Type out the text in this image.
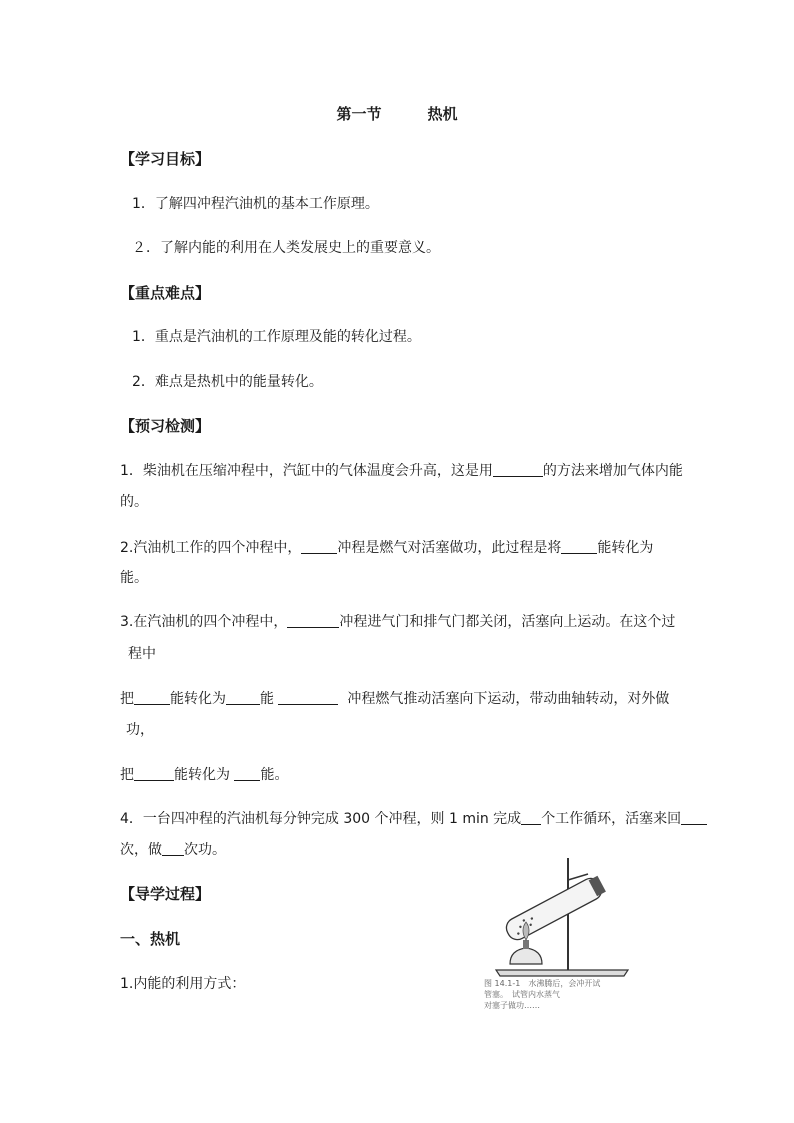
第一节	热机
【学习目标】
1．了解四冲程汽油机的基本工作原理。
２．了解内能的利用在人类发展史上的重要意义。
【重点难点】
1．重点是汽油机的工作原理及能的转化过程。
2．难点是热机中的能量转化。
【预习检测】
1．柴油机在压缩冲程中，汽缸中的气体温度会升高，这是用	的方法来增加气体内能
的。
2.汽油机工作的四个冲程中，	冲程是燃气对活塞做功，此过程是将	能转化为
能。
3.在汽油机的四个冲程中，	冲程进气门和排气门都关闭，活塞向上运动。在这个过
程中
把	能转化为 能	冲程燃气推动活塞向下运动，带动曲轴转动，对外做
功，
把	能转化为 能。
4．一台四冲程的汽油机每分钟完成 300 个冲程，则 1 min 完成 个工作循环，活塞来回
次，做 次功。
【导学过程】
一、热机
1.内能的利用方式：	图 14.1-1　水沸腾后，会冲开试
管塞。　试管内水蒸气
对塞子做功……
